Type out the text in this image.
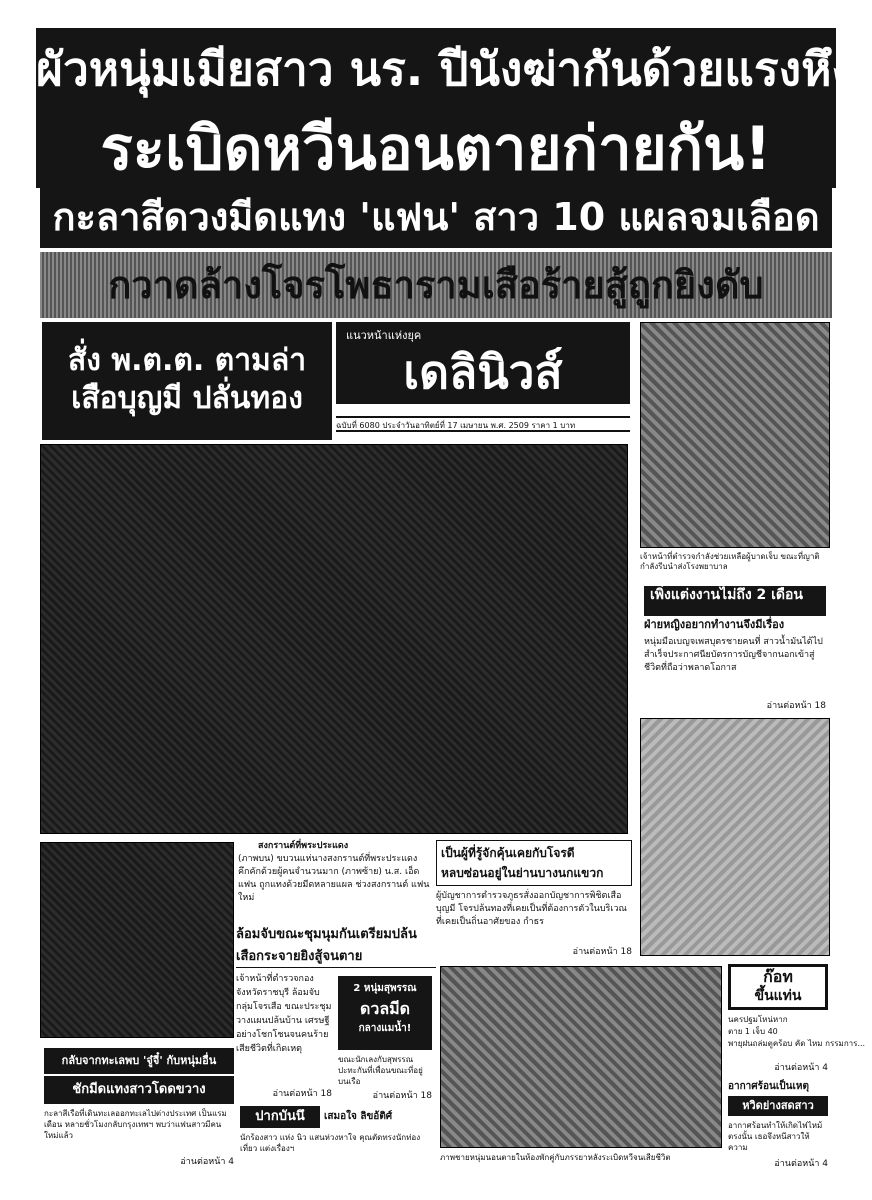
ผัวหนุ่มเมียสาว นร. ปีนังฆ่ากันด้วยแรงหึง
ระเบิดหวีนอนตายก่ายกัน!
กะลาสีดวงมีดแทง 'แฟน' สาว 10 แผลจมเลือด
กวาดล้างโจรโพธารามเสือร้ายสู้ถูกยิงดับ
สั่ง พ.ต.ต. ตามล่า
เสือบุญมี ปลั่นทอง
แนวหน้าแห่งยุค
เดลินิวส์
ฉบับที่ 6080 ประจำวันอาทิตย์ที่ 17 เมษายน พ.ศ. 2509 ราคา 1 บาท
เจ้าหน้าที่ตำรวจกำลังช่วยเหลือผู้บาดเจ็บ ขณะที่ญาติกำลังรีบนำส่งโรงพยาบาล
เพิ่งแต่งงานไม่ถึง 2 เดือน
ฝ่ายหญิงอยากทำงานจึงมีเรื่อง
หนุ่มมือเบญจเพสบุตรชายคนที่ สาวน้ำมันได้ไปสำเร็จประกาศนียบัตรการบัญชีจากนอกเข้าสู่ชีวิตที่ถือว่าพลาดโอกาส
อ่านต่อหน้า 18
สงกรานต์ที่พระประแดง
(ภาพบน) ขบวนแห่นางสงกรานต์ที่พระประแดงคึกคักด้วยผู้คนจำนวนมาก (ภาพซ้าย) น.ส. เอ็ด แฟน ถูกแทงด้วยมีดหลายแผล ช่วงสงกรานต์ แฟน ใหม่
ล้อมจับขณะชุมนุมกันเตรียมปล้น
เสือกระจายยิงสู้จนตาย
เจ้าหน้าที่ตำรวจกองจังหวัดราชบุรี ล้อมจับกลุ่มโจรเสือ ขณะประชุมวางแผนปล้นบ้าน เศรษฐีอย่างโชกโชนจนคนร้ายเสียชีวิตที่เกิดเหตุ
อ่านต่อหน้า 18
2 หนุ่มสุพรรณ
ดวลมีด
กลางแมน้ำ!
ขณะนักเลงกับสุพรรณปะทะกันที่เพื่อนขณะที่อยู่บนเรือ
อ่านต่อหน้า 18
เป็นผู้ที่รู้จักคุ้นเคยกับโจรดี
หลบซ่อนอยู่ในย่านบางนกแขวก
ผู้บัญชาการตำรวจภูธรสั่งออกบัญชาการพิชิตเสือบุญมี โจรปล้นทองที่เคยเป็นที่ต้องการตัวในบริเวณที่เคยเป็นถิ่นอาศัยของ กำธร
อ่านต่อหน้า 18
ภาพชายหนุ่มนอนตายในห้องพักคู่กับภรรยาหลังระเบิดหวีจนเสียชีวิต
ก๊อท
ขึ้นแท่น
นครปฐมโหน่หาก
ตาย 1 เจ็บ 40
พายุฝนถล่มตูคร้อบ คัด ไหม กรรมการ...
อ่านต่อหน้า 4
อากาศร้อนเป็นเหตุ
หวิดย่างสดสาว
อากาศร้อนทำให้เกิดไฟไหม้ตรงนั้น เธอจึงหนีสาวให้ความ
อ่านต่อหน้า 4
กลับจากทะเลพบ 'จู๋จี๋' กับหนุ่มอื่น
ชักมีดแทงสาวโดดขวาง
กะลาสีเรือที่เดินทะเลออกทะเลไปต่างประเทศ เป็นแรมเดือน หลายชั่วโมงกลับกรุงเทพฯ พบว่าแฟนสาวมีคนใหม่แล้ว
อ่านต่อหน้า 4
ปากบันนึ	เสมอใจ ลิขอ้ติศ์
นักร้องสาว แห่ง นิว แสนห่วงหาใจ คุณตัดทรงนักท่องเที่ยว แต่งเรื่องฯ
